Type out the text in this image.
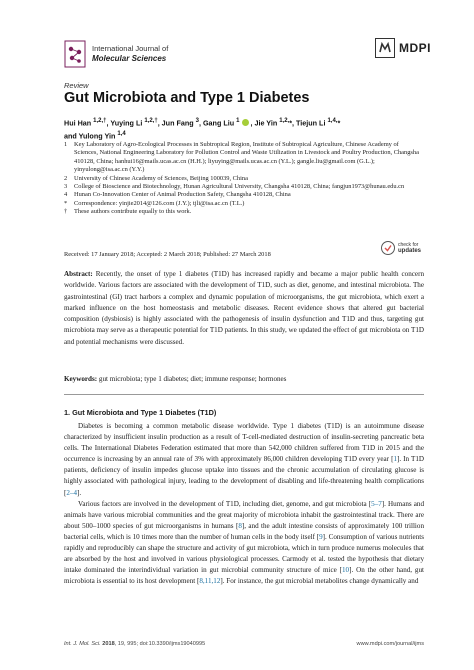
International Journal of
Molecular Sciences
MDPI
Review
Gut Microbiota and Type 1 Diabetes
Hui Han $^{1,2,\dagger}$, Yuying Li $^{1,2,\dagger}$, Jun Fang $^3$, Gang Liu $^1$ , Jie Yin $^{1,2,}$*, Tiejun Li $^{1,4,}$*
and Yulong Yin $^{1,4}$
1	Key Laboratory of Agro-Ecological Processes in Subtropical Region, Institute of Subtropical Agriculture, Chinese Academy of Sciences, National Engineering Laboratory for Pollution Control and Waste Utilization in Livestock and Poultry Production, Changsha 410128, China; hanhui16@mails.ucas.ac.cn (H.H.); liyuying@mails.ucas.ac.cn (Y.L.); gangle.liu@gmail.com (G.L.); yinyulong@isa.ac.cn (Y.Y.)
2	University of Chinese Academy of Sciences, Beijing 100039, China
3	College of Bioscience and Biotechnology, Hunan Agricultural University, Changsha 410128, China; fangjun1973@hunau.edu.cn
4	Hunan Co-Innovation Center of Animal Production Safety, Changsha 410128, China
*	Correspondence: yinjie2014@126.com (J.Y.); tjli@isa.ac.cn (T.L.)
†	These authors contribute equally to this work.
Received: 17 January 2018; Accepted: 2 March 2018; Published: 27 March 2018
check for
updates
Abstract: Recently, the onset of type 1 diabetes (T1D) has increased rapidly and became a major public health concern worldwide. Various factors are associated with the development of T1D, such as diet, genome, and intestinal microbiota. The gastrointestinal (GI) tract harbors a complex and dynamic population of microorganisms, the gut microbiota, which exert a marked influence on the host homeostasis and metabolic diseases. Recent evidence shows that altered gut bacterial composition (dysbiosis) is highly associated with the pathogenesis of insulin dysfunction and T1D and thus, targeting gut microbiota may serve as a therapeutic potential for T1D patients. In this study, we updated the effect of gut microbiota on T1D and potential mechanisms were discussed.
Keywords: gut microbiota; type 1 diabetes; diet; immune response; hormones
1. Gut Microbiota and Type 1 Diabetes (T1D)

Diabetes is becoming a common metabolic disease worldwide. Type 1 diabetes (T1D) is an autoimmune disease characterized by insufficient insulin production as a result of T-cell-mediated destruction of insulin-secreting pancreatic beta cells. The International Diabetes Federation estimated that more than 542,000 children suffered from T1D in 2015 and the occurrence is increasing by an annual rate of 3% with approximately 86,000 children developing T1D every year [1]. In T1D patients, deficiency of insulin impedes glucose uptake into tissues and the chronic accumulation of circulating glucose is highly associated with pathological injury, leading to the development of disabling and life-threatening health complications [2–4].

Various factors are involved in the development of T1D, including diet, genome, and gut microbiota [5–7]. Humans and animals have various microbial communities and the great majority of microbiota inhabit the gastrointestinal track. There are about 500–1000 species of gut microorganisms in humans [8], and the adult intestine consists of approximately 100 trillion bacterial cells, which is 10 times more than the number of human cells in the body itself [9]. Consumption of various nutrients rapidly and reproducibly can shape the structure and activity of gut microbiota, which in turn produce numerus molecules that are absorbed by the host and involved in various physiological processes. Carmody et al. tested the hypothesis that dietary intake dominated the interindividual variation in gut microbial community structure of mice [10]. On the other hand, gut microbiota is essential to its host development [8,11,12]. For instance, the gut microbial metabolites change dynamically and

Int. J. Mol. Sci. 2018, 19, 995; doi:10.3390/ijms19040995	www.mdpi.com/journal/ijms
